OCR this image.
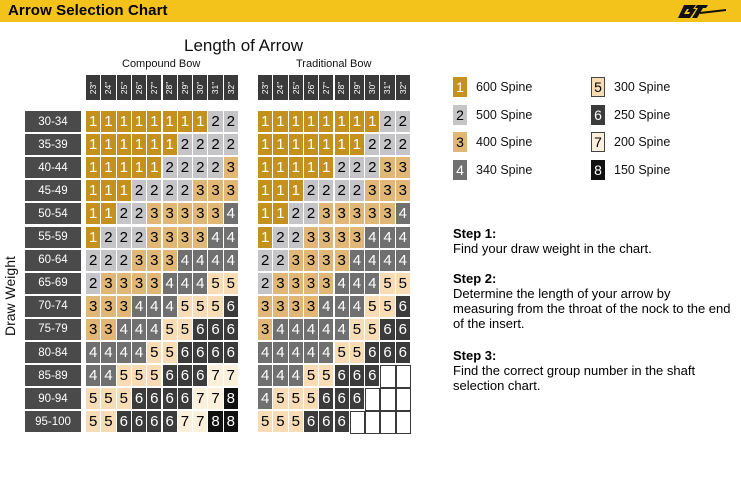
Arrow Selection Chart
Length of Arrow
Compound Bow	Traditional Bow
Draw Weight
23" 24" 25" 26" 27" 28" 29" 30" 31" 32"
1 1 1 1 1 1 1 1 2 2
1 1 1 1 1 1 2 2 2 2
1 1 1 1 1 2 2 2 2 3
1 1 1 2 2 2 2 3 3 3
1 1 2 2 3 3 3 3 3 4
1 2 2 2 3 3 3 3 4 4
2 2 2 3 3 3 4 4 4 4
2 3 3 3 3 4 4 4 5 5
3 3 3 4 4 4 5 5 5 6
3 3 4 4 4 5 5 6 6 6
4 4 4 4 5 5 6 6 6 6
4 4 5 5 5 6 6 6 7 7
5 5 5 6 6 6 6 7 7 8
5 5 6 6 6 6 7 7 8 8
23" 24" 25" 26" 27" 28" 29" 30" 31" 32"
1 1 1 1 1 1 1 1 2 2
1 1 1 1 1 1 1 2 2 2
1 1 1 1 1 2 2 2 3 3
1 1 1 2 2 2 2 3 3 3
1 1 2 2 3 3 3 3 3 4
1 2 2 3 3 3 3 4 4 4
2 2 3 3 3 3 4 4 4 4
2 3 3 3 3 4 4 4 5 5
3 3 3 3 4 4 4 5 5 6
3 4 4 4 4 4 5 5 6 6
4 4 4 4 4 5 5 6 6 6
4 4 4 5 5 6 6 6
4 5 5 5 6 6 6
5 5 5 6 6 6
30-34
35-39
40-44
45-49
50-54
55-59
60-64
65-69
70-74
75-79
80-84
85-89
90-94
95-100
1 600 Spine
2 500 Spine
3 400 Spine
4 340 Spine
5 300 Spine
6 250 Spine
7 200 Spine
8 150 Spine
Step 1:
Find your draw weight in the chart.
Step 2:
Determine the length of your arrow by measuring from the throat of the nock to the end of the insert.
Step 3:
Find the correct group number in the shaft selection chart.
